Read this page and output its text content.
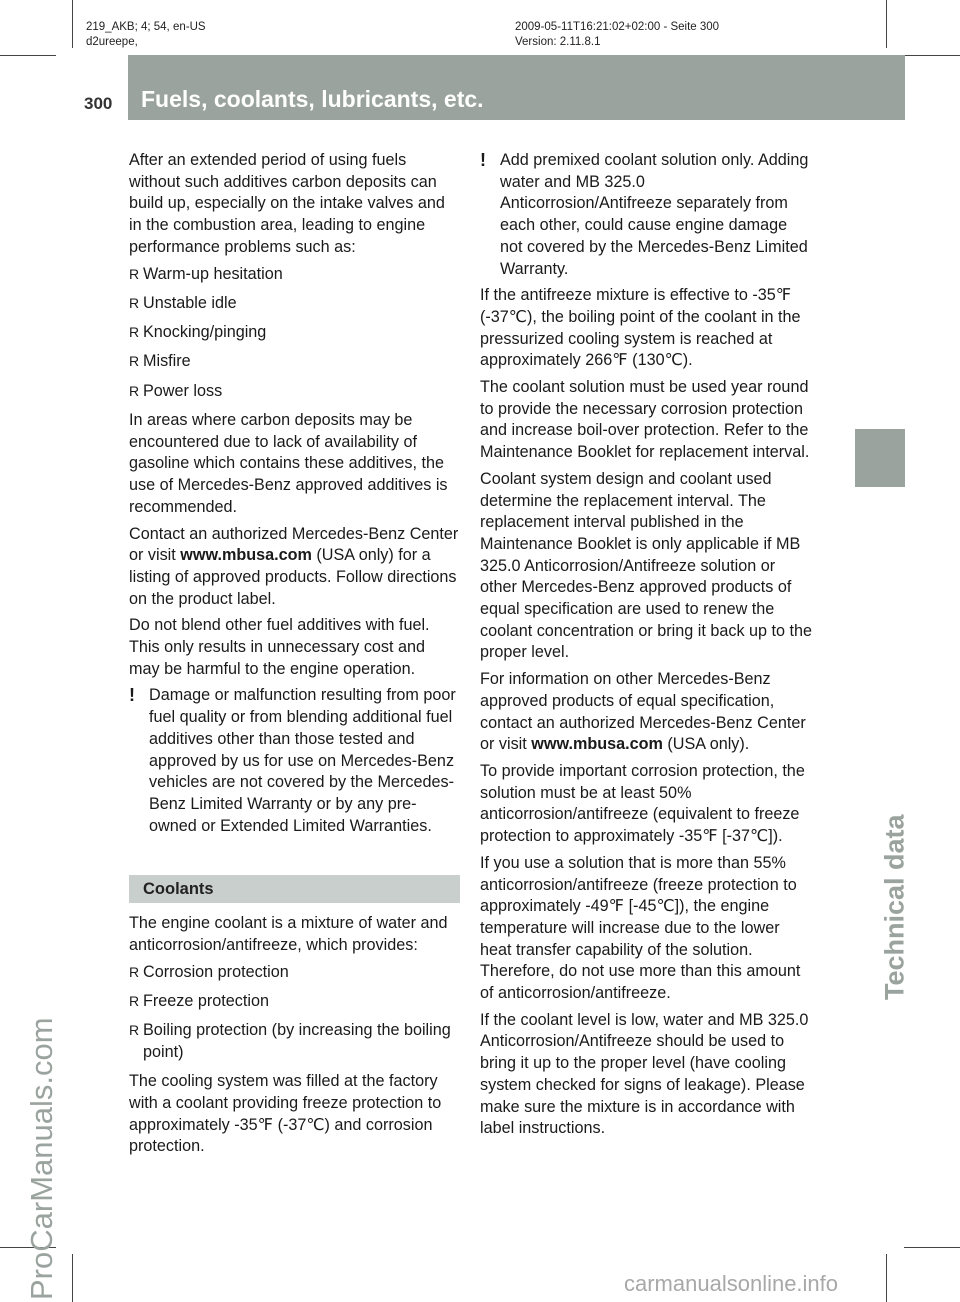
219_AKB; 4; 54, en-US
d2ureepe,
2009-05-11T16:21:02+02:00 - Seite 300
Version: 2.11.8.1
300 Fuels, coolants, lubricants, etc.
Technical data
ProCarManuals.com	carmanualsonline.info

After an extended period of using fuels without such additives carbon deposits can build up, especially on the intake valves and in the combustion area, leading to engine performance problems such as:

R Warm-up hesitation
R Unstable idle
R Knocking/pinging
R Misfire
R Power loss

In areas where carbon deposits may be encountered due to lack of availability of gasoline which contains these additives, the use of Mercedes-Benz approved additives is recommended.

Contact an authorized Mercedes-Benz Center or visit www.mbusa.com (USA only) for a listing of approved products. Follow directions on the product label.

Do not blend other fuel additives with fuel. This only results in unnecessary cost and may be harmful to the engine operation.

! Damage or malfunction resulting from poor fuel quality or from blending additional fuel additives other than those tested and approved by us for use on Mercedes-Benz vehicles are not covered by the Mercedes-Benz Limited Warranty or by any pre-owned or Extended Limited Warranties.
Coolants

The engine coolant is a mixture of water and anticorrosion/antifreeze, which provides:

R Corrosion protection
R Freeze protection
R Boiling protection (by increasing the boiling point)

The cooling system was filled at the factory with a coolant providing freeze protection to approximately -35℉ (-37℃) and corrosion protection.

! Add premixed coolant solution only. Adding water and MB 325.0 Anticorrosion/Antifreeze separately from each other, could cause engine damage not covered by the Mercedes-Benz Limited Warranty.

If the antifreeze mixture is effective to -35℉ (-37℃), the boiling point of the coolant in the pressurized cooling system is reached at approximately 266℉ (130℃).

The coolant solution must be used year round to provide the necessary corrosion protection and increase boil-over protection. Refer to the Maintenance Booklet for replacement interval.

Coolant system design and coolant used determine the replacement interval. The replacement interval published in the Maintenance Booklet is only applicable if MB 325.0 Anticorrosion/Antifreeze solution or other Mercedes-Benz approved products of equal specification are used to renew the coolant concentration or bring it back up to the proper level.

For information on other Mercedes-Benz approved products of equal specification, contact an authorized Mercedes-Benz Center or visit www.mbusa.com (USA only).

To provide important corrosion protection, the solution must be at least 50% anticorrosion/antifreeze (equivalent to freeze protection to approximately -35℉ [-37℃]).

If you use a solution that is more than 55% anticorrosion/antifreeze (freeze protection to approximately -49℉ [-45℃]), the engine temperature will increase due to the lower heat transfer capability of the solution. Therefore, do not use more than this amount of anticorrosion/antifreeze.

If the coolant level is low, water and MB 325.0 Anticorrosion/Antifreeze should be used to bring it up to the proper level (have cooling system checked for signs of leakage). Please make sure the mixture is in accordance with label instructions.
